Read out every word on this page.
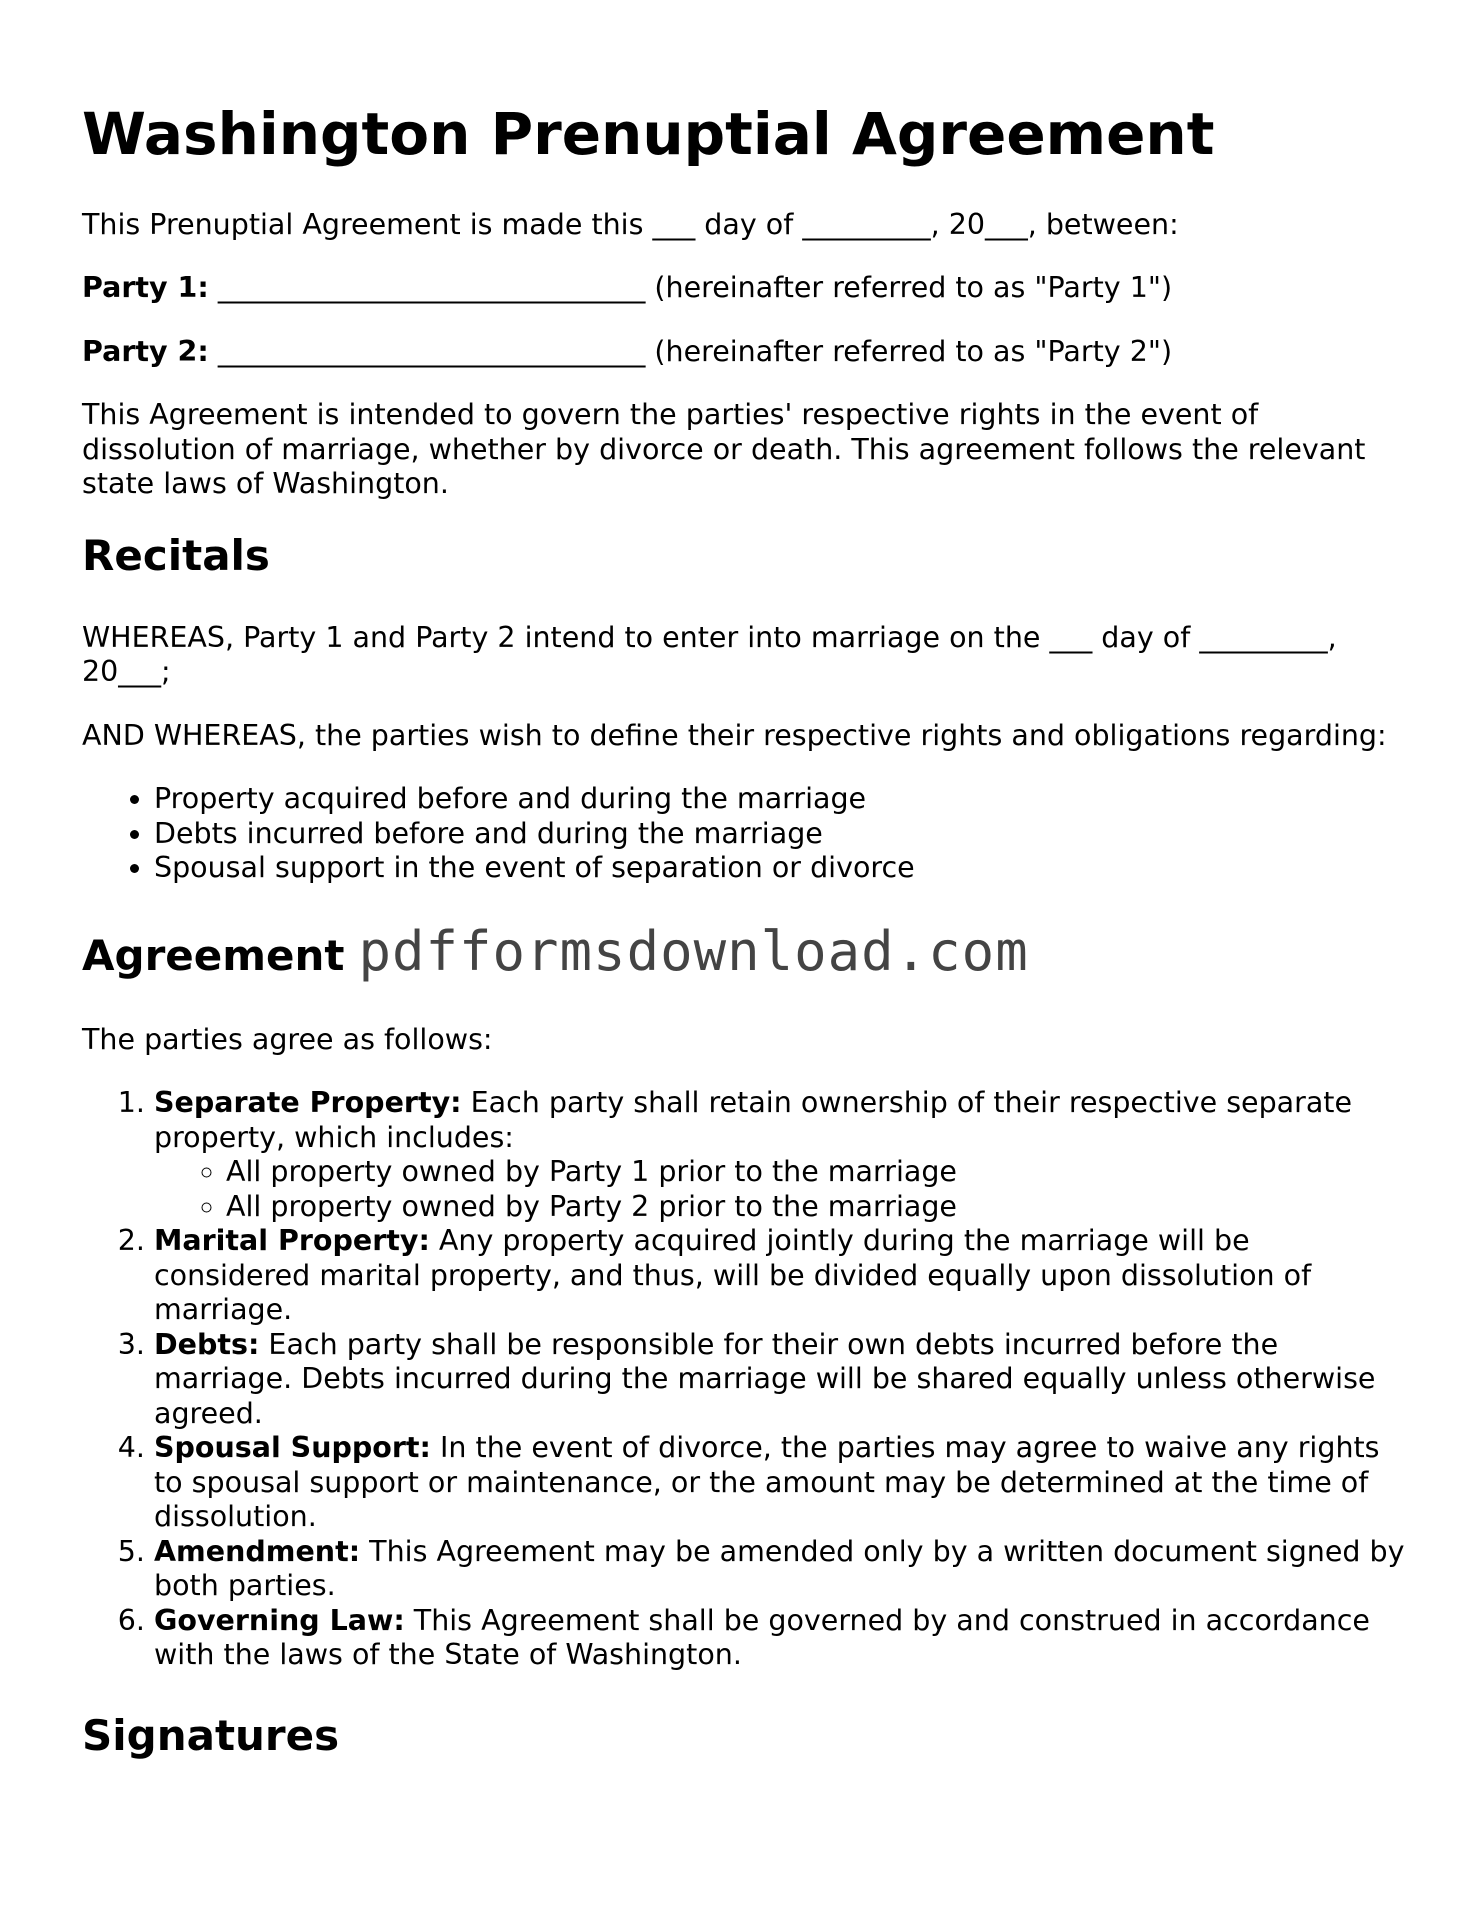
Washington Prenuptial Agreement

This Prenuptial Agreement is made this ___ day of _________, 20___, between:

Party 1: ______________________________ (hereinafter referred to as "Party 1")

Party 2: ______________________________ (hereinafter referred to as "Party 2")

This Agreement is intended to govern the parties' respective rights in the event of dissolution of marriage, whether by divorce or death. This agreement follows the relevant state laws of Washington.

Recitals

WHEREAS, Party 1 and Party 2 intend to enter into marriage on the ___ day of _________, 20___;

AND WHEREAS, the parties wish to define their respective rights and obligations regarding:

• Property acquired before and during the marriage
• Debts incurred before and during the marriage
• Spousal support in the event of separation or divorce
Agreement pdfformsdownload.com

The parties agree as follows:

1. Separate Property: Each party shall retain ownership of their respective separate property, which includes:
◦ All property owned by Party 1 prior to the marriage
◦ All property owned by Party 2 prior to the marriage
2. Marital Property: Any property acquired jointly during the marriage will be considered marital property, and thus, will be divided equally upon dissolution of marriage.
3. Debts: Each party shall be responsible for their own debts incurred before the marriage. Debts incurred during the marriage will be shared equally unless otherwise agreed.
4. Spousal Support: In the event of divorce, the parties may agree to waive any rights to spousal support or maintenance, or the amount may be determined at the time of dissolution.
5. Amendment: This Agreement may be amended only by a written document signed by both parties.
6. Governing Law: This Agreement shall be governed by and construed in accordance with the laws of the State of Washington.
Signatures
